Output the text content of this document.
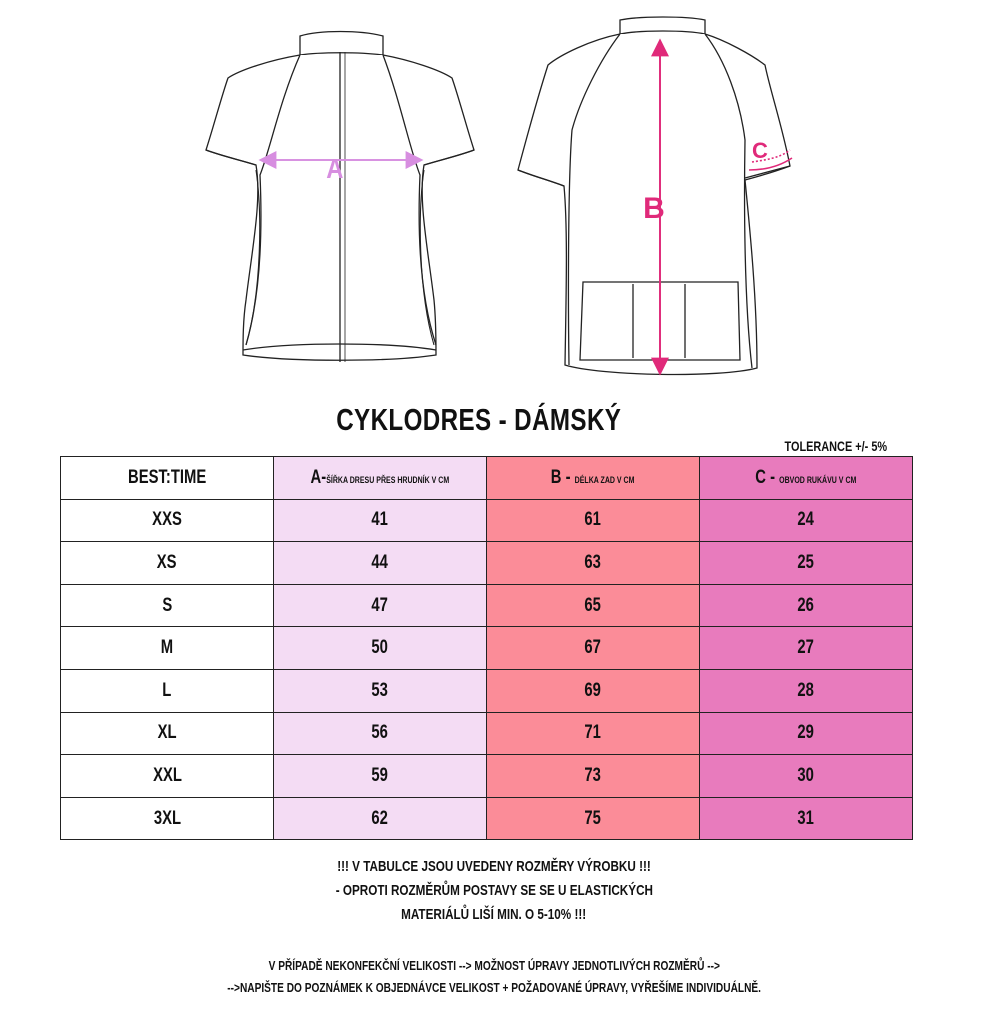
A
B
C
CYKLODRES - DÁMSKÝ
TOLERANCE +/- 5%
BEST:TIME	A-ŠÍŘKA DRESU PŘES HRUDNÍK V CM	B - DÉLKA ZAD V CM	C - OBVOD RUKÁVU V CM
XXS	41	61	24
XS	44	63	25
S	47	65	26
M	50	67	27
L	53	69	28
XL	56	71	29
XXL	59	73	30
3XL	62	75	31
!!! V TABULCE JSOU UVEDENY ROZMĚRY VÝROBKU !!!
- OPROTI ROZMĚRŮM POSTAVY SE SE U ELASTICKÝCH
MATERIÁLŮ LIŠÍ MIN. O 5-10% !!!
V PŘÍPADĚ NEKONFEKČNÍ VELIKOSTI --> MOŽNOST ÚPRAVY JEDNOTLIVÝCH ROZMĚRŮ -->
-->NAPIŠTE DO POZNÁMEK K OBJEDNÁVCE VELIKOST + POŽADOVANÉ ÚPRAVY, VYŘEŠÍME INDIVIDUÁLNĚ.
